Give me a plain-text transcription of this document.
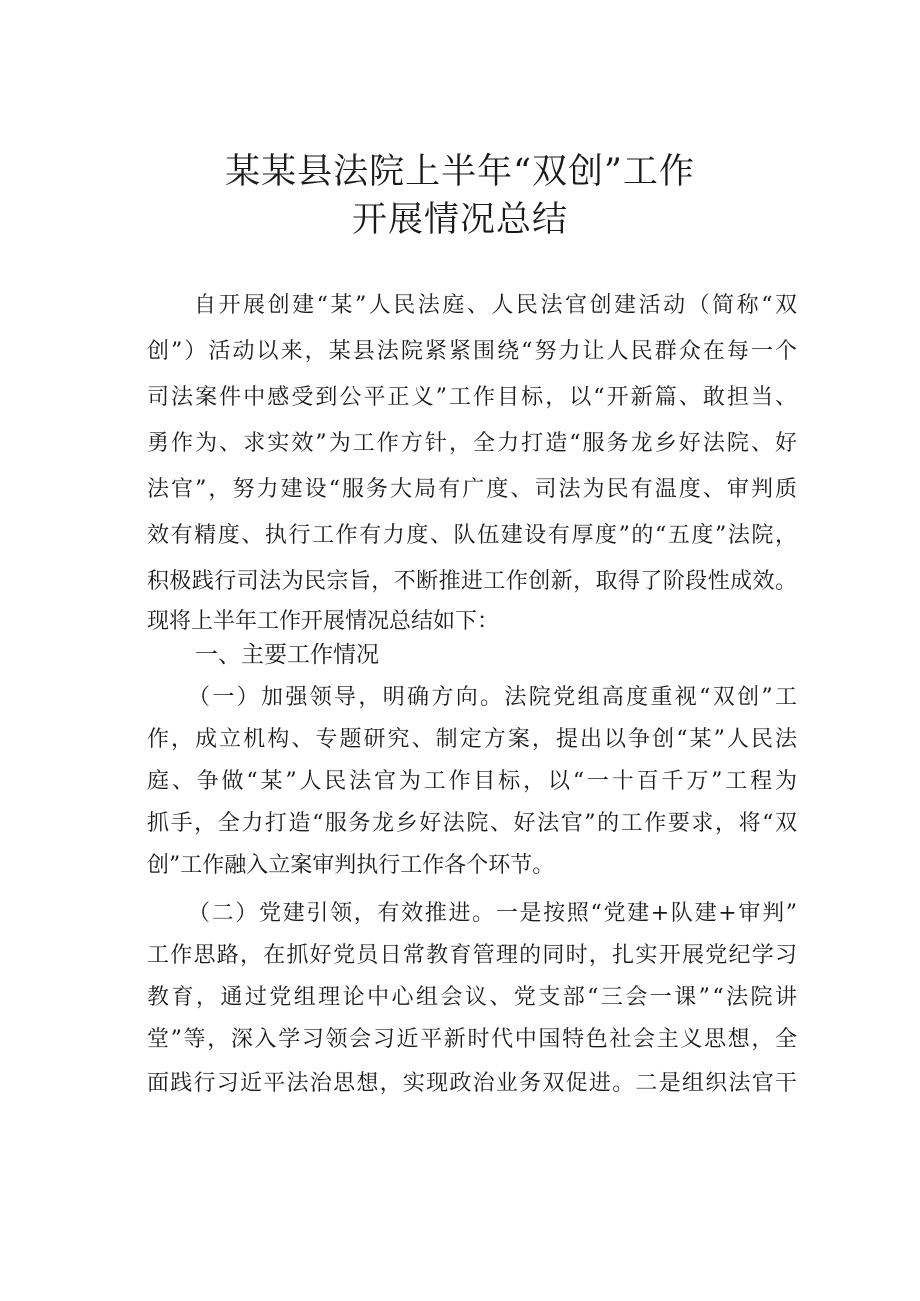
某某县法院上半年“双创”工作
开展情况总结
自开展创建“某”人民法庭、人民法官创建活动（简称“双
创”）活动以来，某县法院紧紧围绕“努力让人民群众在每一个
司法案件中感受到公平正义”工作目标，以“开新篇、敢担当、
勇作为、求实效”为工作方针，全力打造“服务龙乡好法院、好
法官”，努力建设“服务大局有广度、司法为民有温度、审判质
效有精度、执行工作有力度、队伍建设有厚度”的“五度”法院，
积极践行司法为民宗旨，不断推进工作创新，取得了阶段性成效。
现将上半年工作开展情况总结如下：
一、主要工作情况
（一）加强领导，明确方向。法院党组高度重视“双创”工
作，成立机构、专题研究、制定方案，提出以争创“某”人民法
庭、争做“某”人民法官为工作目标，以“一十百千万”工程为
抓手，全力打造“服务龙乡好法院、好法官”的工作要求，将“双
创”工作融入立案审判执行工作各个环节。
（二）党建引领，有效推进。一是按照“党建+队建+审判”
工作思路，在抓好党员日常教育管理的同时，扎实开展党纪学习
教育，通过党组理论中心组会议、党支部“三会一课”“法院讲
堂”等，深入学习领会习近平新时代中国特色社会主义思想，全
面践行习近平法治思想，实现政治业务双促进。二是组织法官干
